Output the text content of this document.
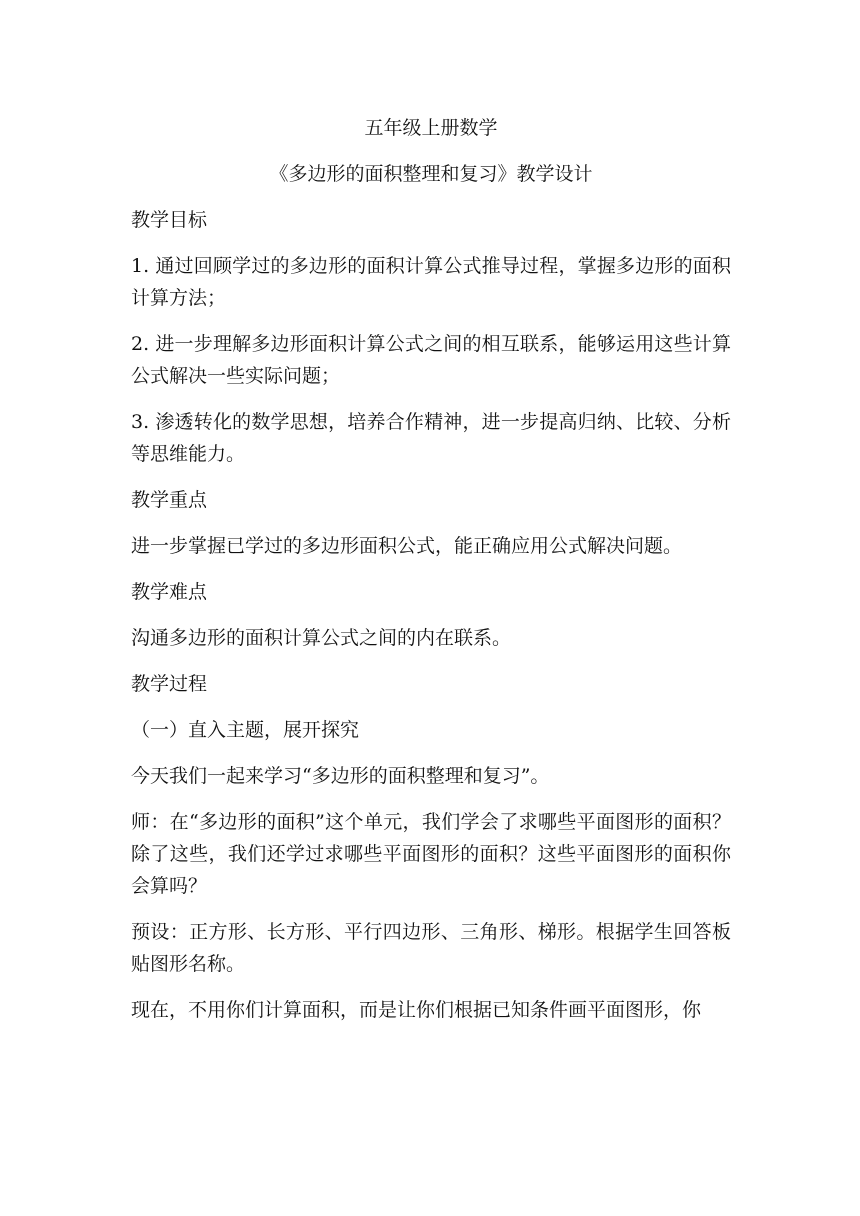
五年级上册数学
《多边形的面积整理和复习》教学设计
教学目标
1. 通过回顾学过的多边形的面积计算公式推导过程，掌握多边形的面积计算方法；
2. 进一步理解多边形面积计算公式之间的相互联系，能够运用这些计算公式解决一些实际问题；
3. 渗透转化的数学思想，培养合作精神，进一步提高归纳、比较、分析等思维能力。
教学重点
进一步掌握已学过的多边形面积公式，能正确应用公式解决问题。
教学难点
沟通多边形的面积计算公式之间的内在联系。
教学过程
（一）直入主题，展开探究
今天我们一起来学习“多边形的面积整理和复习”。
师：在“多边形的面积”这个单元，我们学会了求哪些平面图形的面积？除了这些，我们还学过求哪些平面图形的面积？这些平面图形的面积你会算吗？
预设：正方形、长方形、平行四边形、三角形、梯形。根据学生回答板贴图形名称。
现在，不用你们计算面积，而是让你们根据已知条件画平面图形，你
